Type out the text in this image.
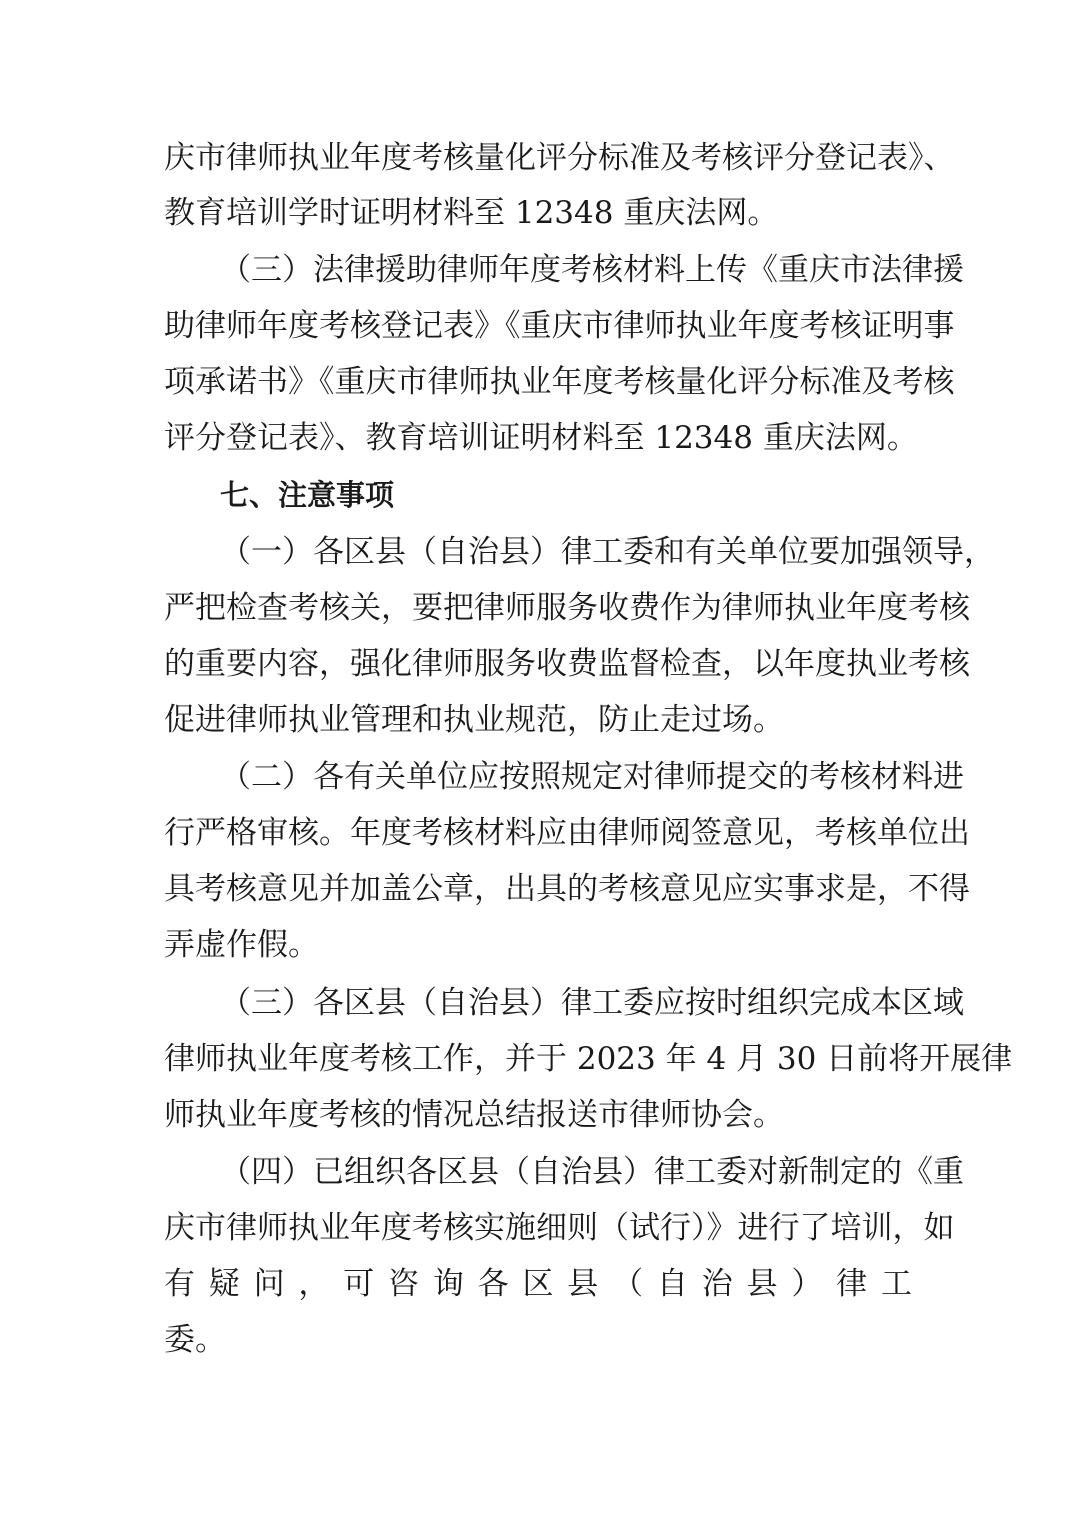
庆市律师执业年度考核量化评分标准及考核评分登记表》、
教育培训学时证明材料至 12348 重庆法网。
（三）法律援助律师年度考核材料上传《重庆市法律援
助律师年度考核登记表》《重庆市律师执业年度考核证明事
项承诺书》《重庆市律师执业年度考核量化评分标准及考核
评分登记表》、教育培训证明材料至 12348 重庆法网。
七、注意事项
（一）各区县（自治县）律工委和有关单位要加强领导，
严把检查考核关，要把律师服务收费作为律师执业年度考核
的重要内容，强化律师服务收费监督检查，以年度执业考核
促进律师执业管理和执业规范，防止走过场。
（二）各有关单位应按照规定对律师提交的考核材料进
行严格审核。年度考核材料应由律师阅签意见，考核单位出
具考核意见并加盖公章，出具的考核意见应实事求是，不得
弄虚作假。
（三）各区县（自治县）律工委应按时组织完成本区域
律师执业年度考核工作，并于 2023 年 4 月 30 日前将开展律
师执业年度考核的情况总结报送市律师协会。
（四）已组织各区县（自治县）律工委对新制定的《重
庆市律师执业年度考核实施细则（试行）》进行了培训，如
有疑问，可咨询各区县（自治县）律工
委。
